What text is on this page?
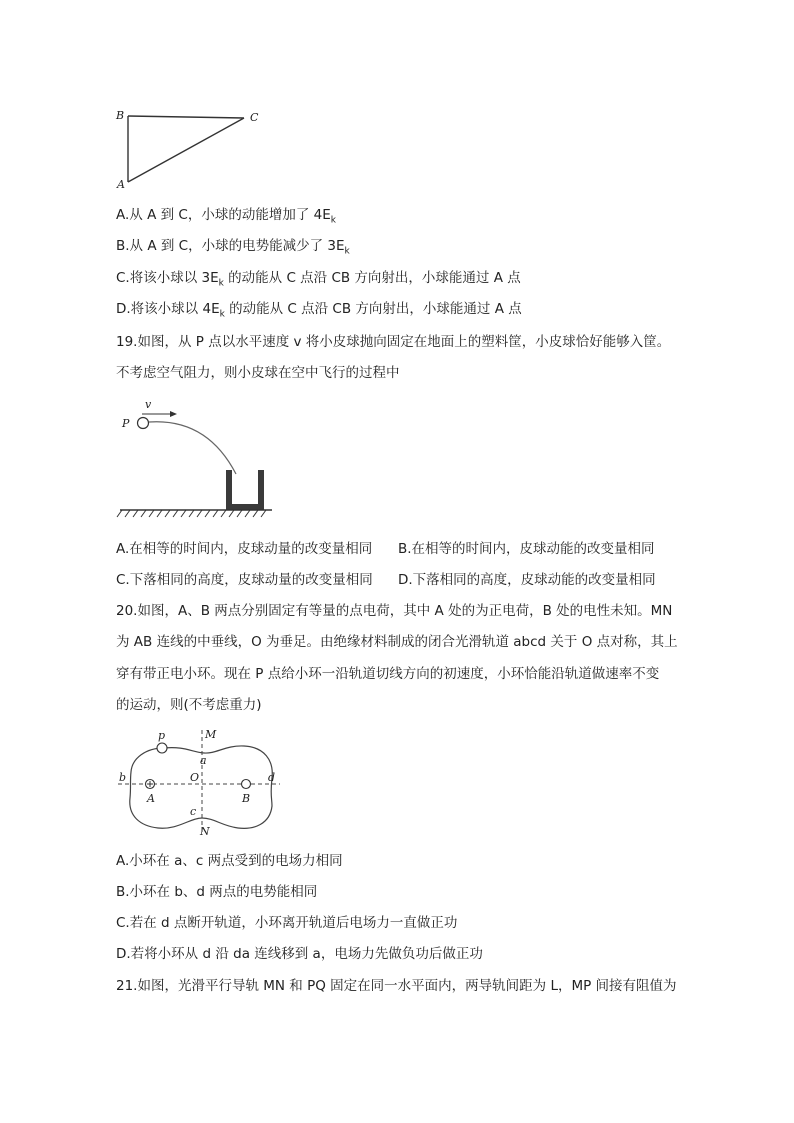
B	C
A
A.从 A 到 C，小球的动能增加了 $4E_k$
B.从 A 到 C，小球的电势能减少了 $3E_k$
C.将该小球以 $3E_k$ 的动能从 C 点沿 CB 方向射出，小球能通过 A 点
D.将该小球以 $4E_k$ 的动能从 C 点沿 CB 方向射出，小球能通过 A 点
19.如图，从 P 点以水平速度 v 将小皮球抛向固定在地面上的塑料筐，小皮球恰好能够入筐。
不考虑空气阻力，则小皮球在空中飞行的过程中
v
P
A.在相等的时间内，皮球动量的改变量相同 B.在相等的时间内，皮球动能的改变量相同
C.下落相同的高度，皮球动量的改变量相同 D.下落相同的高度，皮球动能的改变量相同
20.如图，A、B 两点分别固定有等量的点电荷，其中 A 处的为正电荷，B 处的电性未知。MN
为 AB 连线的中垂线，O 为垂足。由绝缘材料制成的闭合光滑轨道 abcd 关于 O 点对称，其上
穿有带正电小环。现在 P 点给小环一沿轨道切线方向的初速度，小环恰能沿轨道做速率不变
的运动，则(不考虑重力)
p	M
a
b	O	d
A	B
c
N
A.小环在 a、c 两点受到的电场力相同
B.小环在 b、d 两点的电势能相同
C.若在 d 点断开轨道，小环离开轨道后电场力一直做正功
D.若将小环从 d 沿 da 连线移到 a，电场力先做负功后做正功
21.如图，光滑平行导轨 MN 和 PQ 固定在同一水平面内，两导轨间距为 L，MP 间接有阻值为
